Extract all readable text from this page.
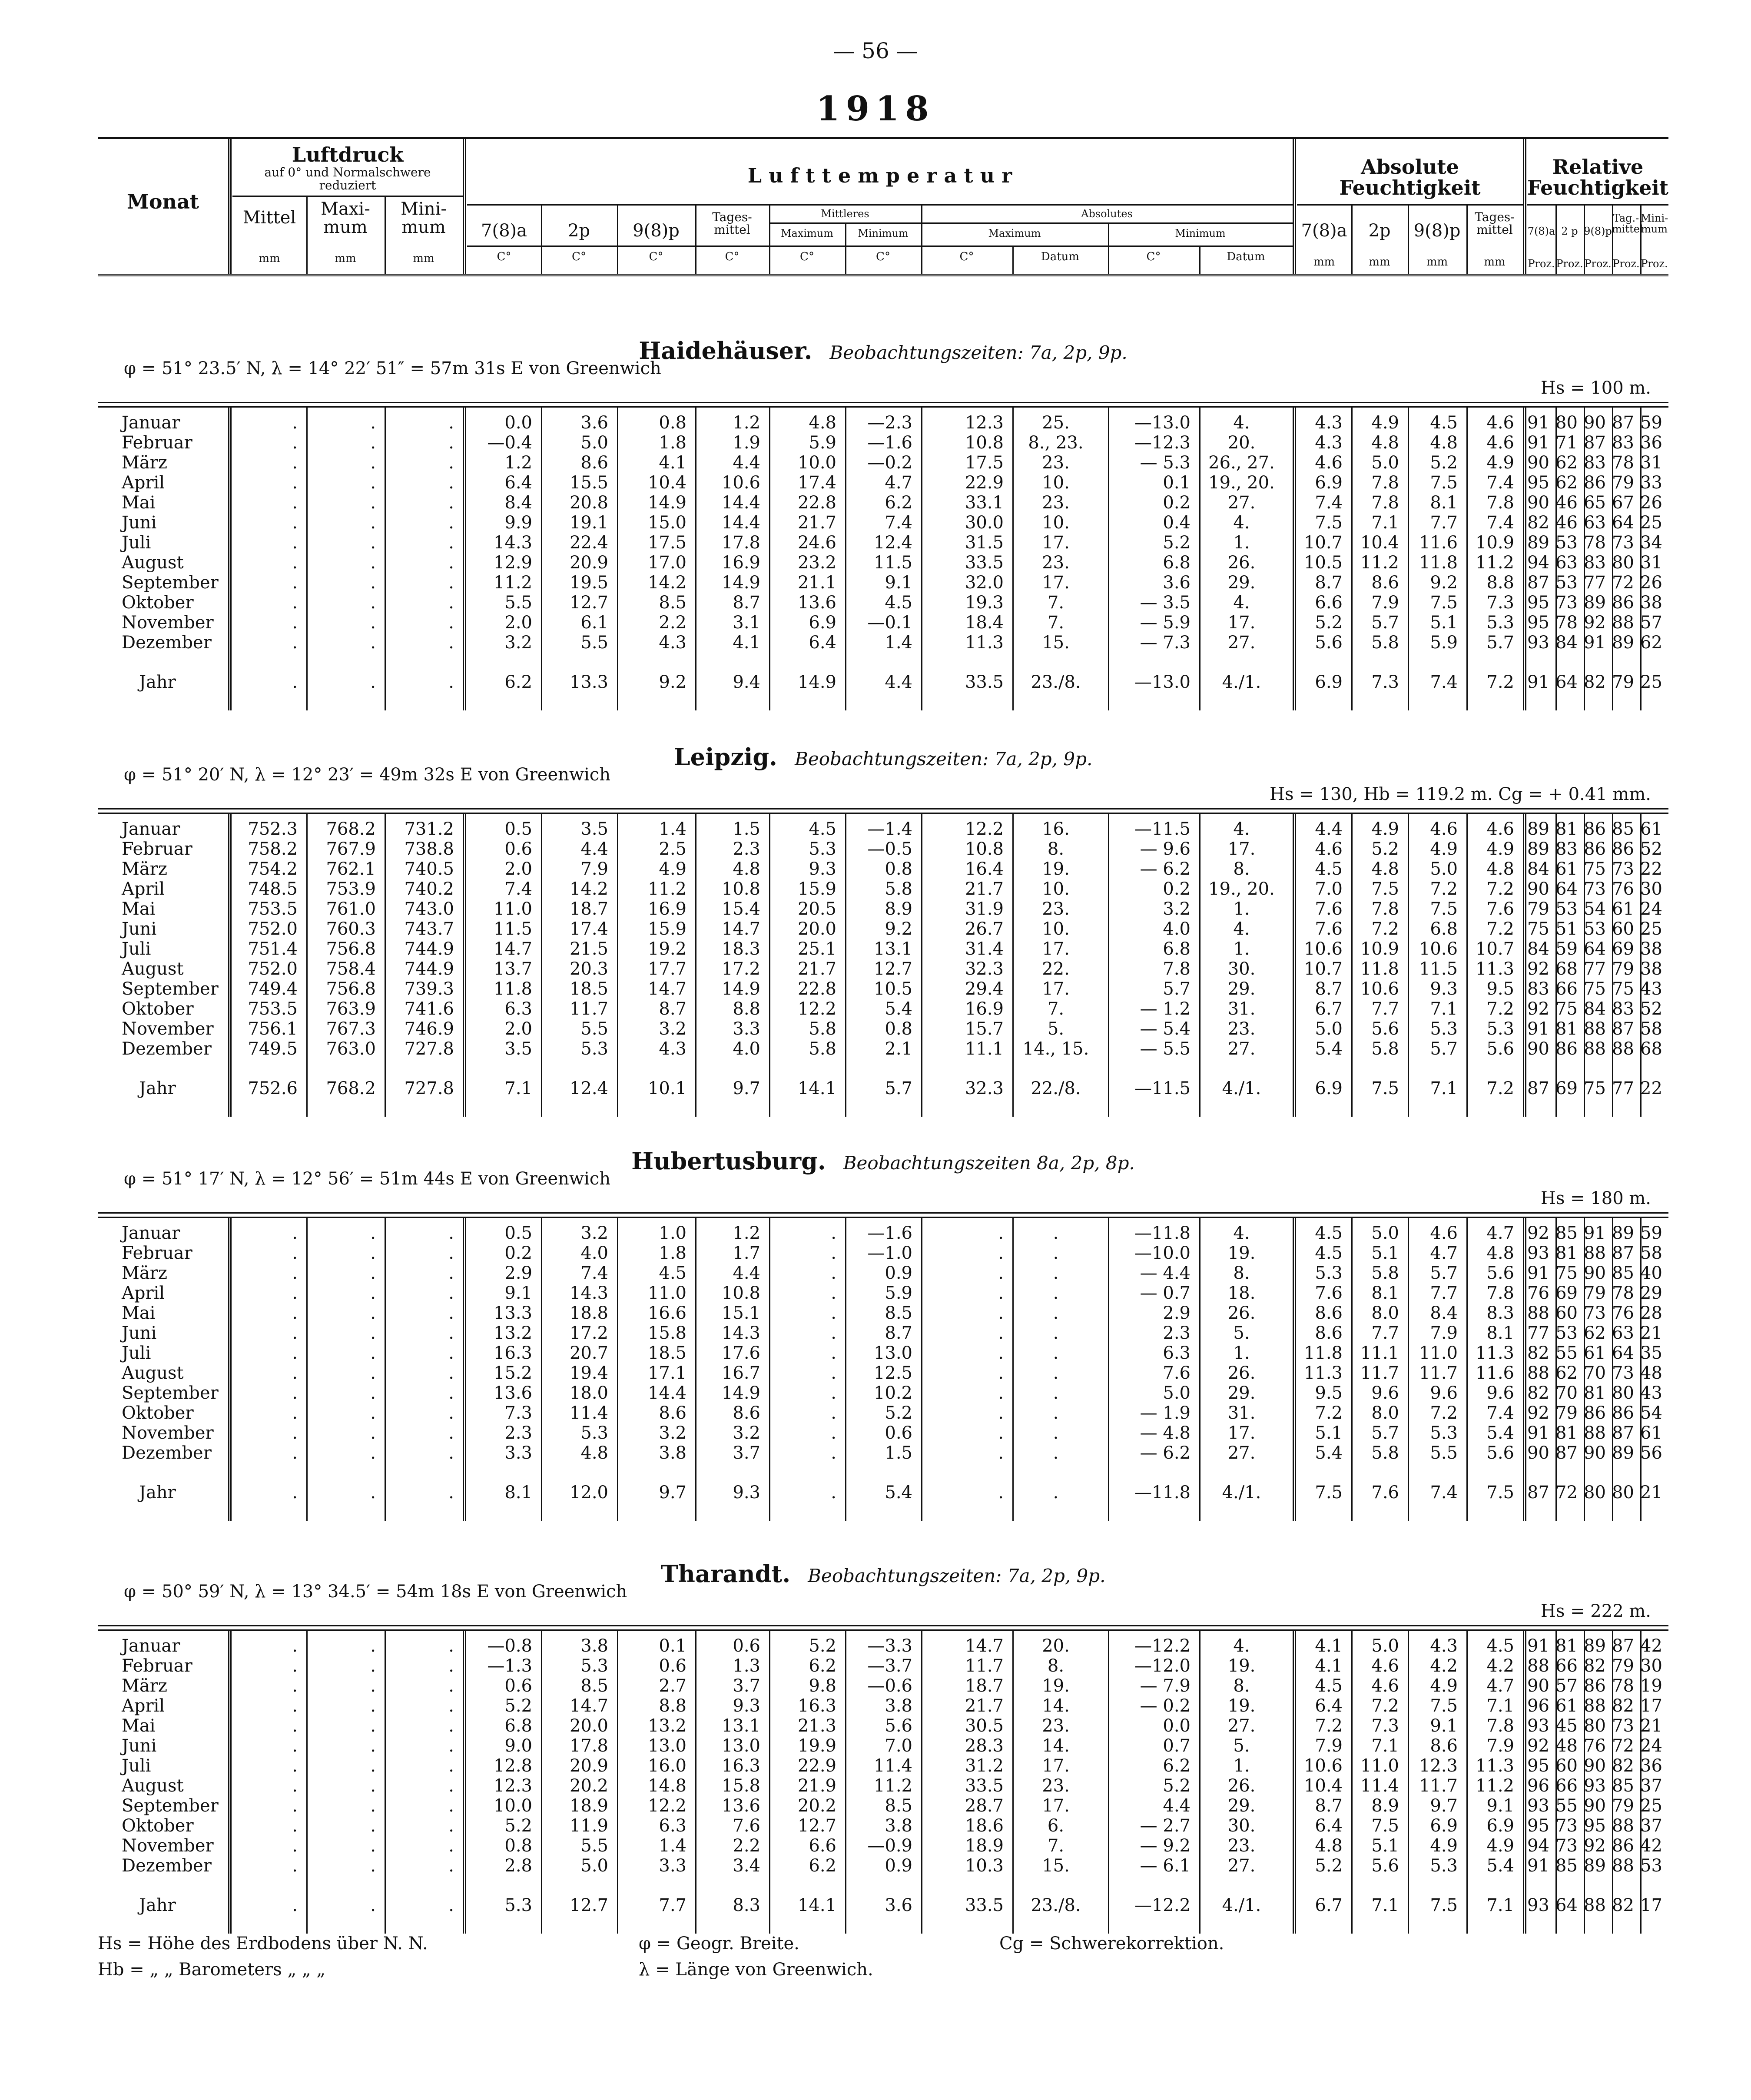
— 56 —
1918
Monat
Luftdruck
auf 0° und Normalschwere
reduziert
Mittel	Maxi-
mum
Mini-
mum
mm	mm	mm
L u f t t e m p e r a t u r
7(8)a	2p	9(8)p
Tages-
mittel
Mittleres
Maximum	Minimum
Absolutes
Maximum	Minimum
C°	C°	C°	C°	C°	C°	C°	Datum	C°	Datum
Absolute
Feuchtigkeit
7(8)a	2p	9(8)p
Tages-
mittel
mm	mm	mm	mm
Relative
Feuchtigkeit
7(8)a 2 p 9(8)p
Tag.-
mittel
Mini-
mum
Proz. Proz. Proz. Proz. Proz.
Haidehäuser. Beobachtungszeiten: 7a, 2p, 9p.
φ = 51° 23.5′ N, λ = 14° 22′ 51″ = 57m 31s E von Greenwich
Hs = 100 m.
Januar	.	.	.	0.0	3.6	0.8	1.2	4.8	—2.3	12.3	25.	—13.0	4.	4.3	4.9	4.5	4.6 91 80 90 87 59
Februar	.	.	.	—0.4	5.0	1.8	1.9	5.9	—1.6	10.8	8., 23.	—12.3	20.	4.3	4.8	4.8	4.6 91 71 87 83 36
März	.	.	.	1.2	8.6	4.1	4.4	10.0	—0.2	17.5	23.	— 5.3	26., 27.	4.6	5.0	5.2	4.9 90 62 83 78 31
April	.	.	.	6.4	15.5	10.4	10.6	17.4	4.7	22.9	10.	0.1	19., 20.	6.9	7.8	7.5	7.4 95 62 86 79 33
Mai	.	.	.	8.4	20.8	14.9	14.4	22.8	6.2	33.1	23.	0.2	27.	7.4	7.8	8.1	7.8 90 46 65 67 26
Juni	.	.	.	9.9	19.1	15.0	14.4	21.7	7.4	30.0	10.	0.4	4.	7.5	7.1	7.7	7.4 82 46 63 64 25
Juli	.	.	.	14.3	22.4	17.5	17.8	24.6	12.4	31.5	17.	5.2	1.	10.7	10.4	11.6	10.9 89 53 78 73 34
August	.	.	.	12.9	20.9	17.0	16.9	23.2	11.5	33.5	23.	6.8	26.	10.5	11.2	11.8	11.2 94 63 83 80 31
September	.	.	.	11.2	19.5	14.2	14.9	21.1	9.1	32.0	17.	3.6	29.	8.7	8.6	9.2	8.8 87 53 77 72 26
Oktober	.	.	.	5.5	12.7	8.5	8.7	13.6	4.5	19.3	7.	— 3.5	4.	6.6	7.9	7.5	7.3 95 73 89 86 38
November	.	.	.	2.0	6.1	2.2	3.1	6.9	—0.1	18.4	7.	— 5.9	17.	5.2	5.7	5.1	5.3 95 78 92 88 57
Dezember	.	.	.	3.2	5.5	4.3	4.1	6.4	1.4	11.3	15.	— 7.3	27.	5.6	5.8	5.9	5.7 93 84 91 89 62
Jahr	.	.	.	6.2	13.3	9.2	9.4	14.9	4.4	33.5	23./8.	—13.0	4./1.	6.9	7.3	7.4	7.2 91 64 82 79 25
Leipzig. Beobachtungszeiten: 7a, 2p, 9p.
φ = 51° 20′ N, λ = 12° 23′ = 49m 32s E von Greenwich
Hs = 130, Hb = 119.2 m. Cg = + 0.41 mm.
Januar	752.3	768.2	731.2	0.5	3.5	1.4	1.5	4.5	—1.4	12.2	16.	—11.5	4.	4.4	4.9	4.6	4.6 89 81 86 85 61
Februar	758.2	767.9	738.8	0.6	4.4	2.5	2.3	5.3	—0.5	10.8	8.	— 9.6	17.	4.6	5.2	4.9	4.9 89 83 86 86 52
März	754.2	762.1	740.5	2.0	7.9	4.9	4.8	9.3	0.8	16.4	19.	— 6.2	8.	4.5	4.8	5.0	4.8 84 61 75 73 22
April	748.5	753.9	740.2	7.4	14.2	11.2	10.8	15.9	5.8	21.7	10.	0.2	19., 20.	7.0	7.5	7.2	7.2 90 64 73 76 30
Mai	753.5	761.0	743.0	11.0	18.7	16.9	15.4	20.5	8.9	31.9	23.	3.2	1.	7.6	7.8	7.5	7.6 79 53 54 61 24
Juni	752.0	760.3	743.7	11.5	17.4	15.9	14.7	20.0	9.2	26.7	10.	4.0	4.	7.6	7.2	6.8	7.2 75 51 53 60 25
Juli	751.4	756.8	744.9	14.7	21.5	19.2	18.3	25.1	13.1	31.4	17.	6.8	1.	10.6	10.9	10.6	10.7 84 59 64 69 38
August	752.0	758.4	744.9	13.7	20.3	17.7	17.2	21.7	12.7	32.3	22.	7.8	30.	10.7	11.8	11.5	11.3 92 68 77 79 38
September	749.4	756.8	739.3	11.8	18.5	14.7	14.9	22.8	10.5	29.4	17.	5.7	29.	8.7	10.6	9.3	9.5 83 66 75 75 43
Oktober	753.5	763.9	741.6	6.3	11.7	8.7	8.8	12.2	5.4	16.9	7.	— 1.2	31.	6.7	7.7	7.1	7.2 92 75 84 83 52
November	756.1	767.3	746.9	2.0	5.5	3.2	3.3	5.8	0.8	15.7	5.	— 5.4	23.	5.0	5.6	5.3	5.3 91 81 88 87 58
Dezember	749.5	763.0	727.8	3.5	5.3	4.3	4.0	5.8	2.1	11.1	14., 15.	— 5.5	27.	5.4	5.8	5.7	5.6 90 86 88 88 68
Jahr	752.6	768.2	727.8	7.1	12.4	10.1	9.7	14.1	5.7	32.3	22./8.	—11.5	4./1.	6.9	7.5	7.1	7.2 87 69 75 77 22
Hubertusburg. Beobachtungszeiten 8a, 2p, 8p.
φ = 51° 17′ N, λ = 12° 56′ = 51m 44s E von Greenwich
Hs = 180 m.
Januar	.	.	.	0.5	3.2	1.0	1.2	.	—1.6	.	.	—11.8	4.	4.5	5.0	4.6	4.7 92 85 91 89 59
Februar	.	.	.	0.2	4.0	1.8	1.7	.	—1.0	.	.	—10.0	19.	4.5	5.1	4.7	4.8 93 81 88 87 58
März	.	.	.	2.9	7.4	4.5	4.4	.	0.9	.	.	— 4.4	8.	5.3	5.8	5.7	5.6 91 75 90 85 40
April	.	.	.	9.1	14.3	11.0	10.8	.	5.9	.	.	— 0.7	18.	7.6	8.1	7.7	7.8 76 69 79 78 29
Mai	.	.	.	13.3	18.8	16.6	15.1	.	8.5	.	.	2.9	26.	8.6	8.0	8.4	8.3 88 60 73 76 28
Juni	.	.	.	13.2	17.2	15.8	14.3	.	8.7	.	.	2.3	5.	8.6	7.7	7.9	8.1 77 53 62 63 21
Juli	.	.	.	16.3	20.7	18.5	17.6	.	13.0	.	.	6.3	1.	11.8	11.1	11.0	11.3 82 55 61 64 35
August	.	.	.	15.2	19.4	17.1	16.7	.	12.5	.	.	7.6	26.	11.3	11.7	11.7	11.6 88 62 70 73 48
September	.	.	.	13.6	18.0	14.4	14.9	.	10.2	.	.	5.0	29.	9.5	9.6	9.6	9.6 82 70 81 80 43
Oktober	.	.	.	7.3	11.4	8.6	8.6	.	5.2	.	.	— 1.9	31.	7.2	8.0	7.2	7.4 92 79 86 86 54
November	.	.	.	2.3	5.3	3.2	3.2	.	0.6	.	.	— 4.8	17.	5.1	5.7	5.3	5.4 91 81 88 87 61
Dezember	.	.	.	3.3	4.8	3.8	3.7	.	1.5	.	.	— 6.2	27.	5.4	5.8	5.5	5.6 90 87 90 89 56
Jahr	.	.	.	8.1	12.0	9.7	9.3	.	5.4	.	.	—11.8	4./1.	7.5	7.6	7.4	7.5 87 72 80 80 21
Tharandt. Beobachtungszeiten: 7a, 2p, 9p.
φ = 50° 59′ N, λ = 13° 34.5′ = 54m 18s E von Greenwich
Hs = 222 m.
Januar	.	.	.	—0.8	3.8	0.1	0.6	5.2	—3.3	14.7	20.	—12.2	4.	4.1	5.0	4.3	4.5 91 81 89 87 42
Februar	.	.	.	—1.3	5.3	0.6	1.3	6.2	—3.7	11.7	8.	—12.0	19.	4.1	4.6	4.2	4.2 88 66 82 79 30
März	.	.	.	0.6	8.5	2.7	3.7	9.8	—0.6	18.7	19.	— 7.9	8.	4.5	4.6	4.9	4.7 90 57 86 78 19
April	.	.	.	5.2	14.7	8.8	9.3	16.3	3.8	21.7	14.	— 0.2	19.	6.4	7.2	7.5	7.1 96 61 88 82 17
Mai	.	.	.	6.8	20.0	13.2	13.1	21.3	5.6	30.5	23.	0.0	27.	7.2	7.3	9.1	7.8 93 45 80 73 21
Juni	.	.	.	9.0	17.8	13.0	13.0	19.9	7.0	28.3	14.	0.7	5.	7.9	7.1	8.6	7.9 92 48 76 72 24
Juli	.	.	.	12.8	20.9	16.0	16.3	22.9	11.4	31.2	17.	6.2	1.	10.6	11.0	12.3	11.3 95 60 90 82 36
August	.	.	.	12.3	20.2	14.8	15.8	21.9	11.2	33.5	23.	5.2	26.	10.4	11.4	11.7	11.2 96 66 93 85 37
September	.	.	.	10.0	18.9	12.2	13.6	20.2	8.5	28.7	17.	4.4	29.	8.7	8.9	9.7	9.1 93 55 90 79 25
Oktober	.	.	.	5.2	11.9	6.3	7.6	12.7	3.8	18.6	6.	— 2.7	30.	6.4	7.5	6.9	6.9 95 73 95 88 37
November	.	.	.	0.8	5.5	1.4	2.2	6.6	—0.9	18.9	7.	— 9.2	23.	4.8	5.1	4.9	4.9 94 73 92 86 42
Dezember	.	.	.	2.8	5.0	3.3	3.4	6.2	0.9	10.3	15.	— 6.1	27.	5.2	5.6	5.3	5.4 91 85 89 88 53
Jahr	.	.	.	5.3	12.7	7.7	8.3	14.1	3.6	33.5	23./8.	—12.2	4./1.	6.7	7.1	7.5	7.1 93 64 88 82 17
Hs = Höhe des Erdbodens über N. N.
Hb = „ „ Barometers „ „ „
φ = Geogr. Breite.
λ = Länge von Greenwich.
Cg = Schwerekorrektion.
